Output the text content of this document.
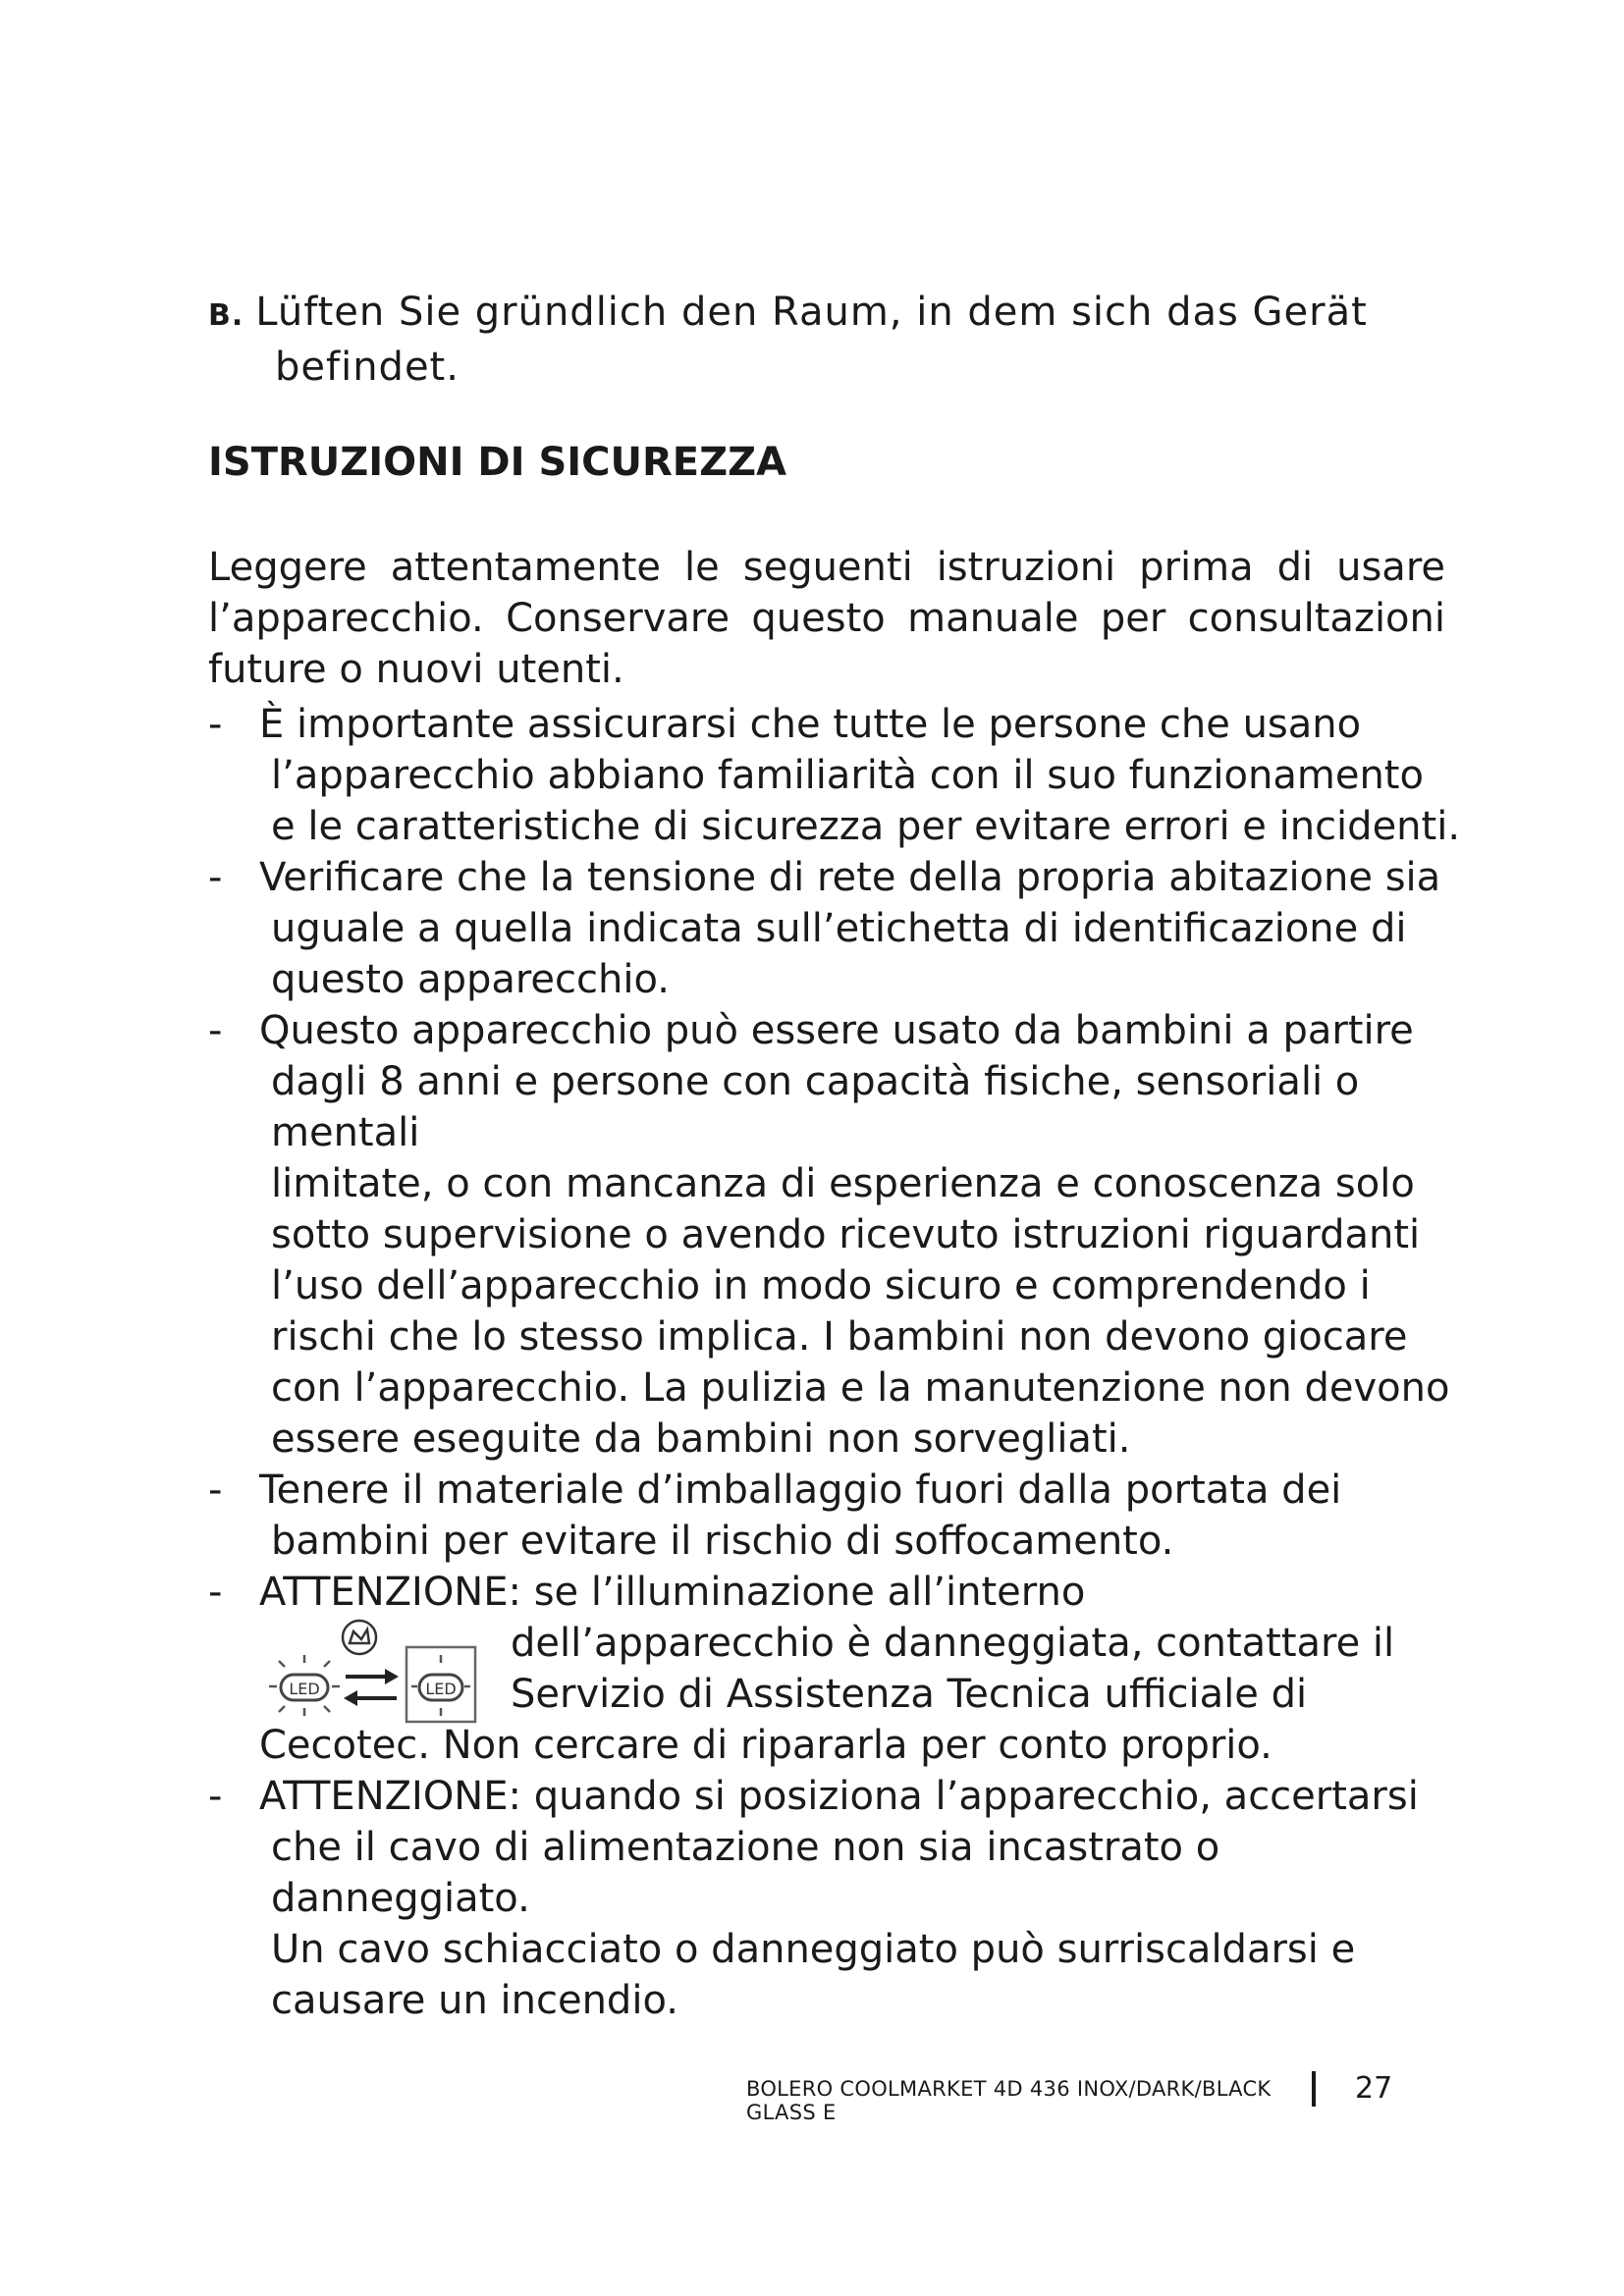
B. Lüften Sie gründlich den Raum, in dem sich das Gerät
befindet.
ISTRUZIONI DI SICUREZZA
Leggere attentamente le seguenti istruzioni prima di usare l’apparecchio. Conservare questo manuale per consultazioni future o nuovi utenti.
- È importante assicurarsi che tutte le persone che usano
l’apparecchio abbiano familiarità con il suo funzionamento
e le caratteristiche di sicurezza per evitare errori e incidenti.
- Verificare che la tensione di rete della propria abitazione sia
uguale a quella indicata sull’etichetta di identificazione di
questo apparecchio.
- Questo apparecchio può essere usato da bambini a partire
dagli 8 anni e persone con capacità fisiche, sensoriali o mentali
limitate, o con mancanza di esperienza e conoscenza solo
sotto supervisione o avendo ricevuto istruzioni riguardanti
l’uso dell’apparecchio in modo sicuro e comprendendo i
rischi che lo stesso implica. I bambini non devono giocare
con l’apparecchio. La pulizia e la manutenzione non devono
essere eseguite da bambini non sorvegliati.
- Tenere il materiale d’imballaggio fuori dalla portata dei
bambini per evitare il rischio di soffocamento.
- ATTENZIONE: se l’illuminazione all’interno
LED	LED
dell’apparecchio è danneggiata, contattare il
Servizio di Assistenza Tecnica ufficiale di
Cecotec. Non cercare di ripararla per conto proprio.
- ATTENZIONE: quando si posiziona l’apparecchio, accertarsi
che il cavo di alimentazione non sia incastrato o danneggiato.
Un cavo schiacciato o danneggiato può surriscaldarsi e
causare un incendio.
BOLERO COOLMARKET 4D 436 INOX/DARK/BLACK GLASS E
27
